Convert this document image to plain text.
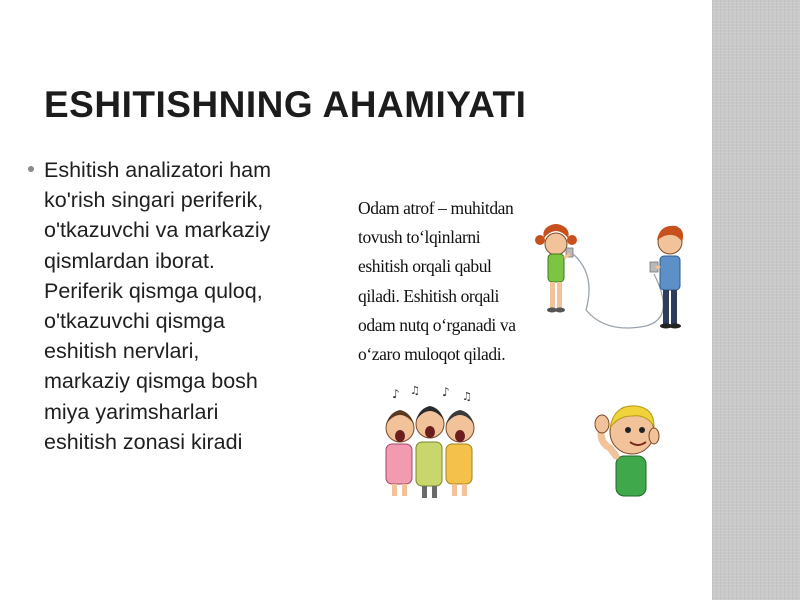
ESHITISHNING AHAMIYATI
Eshitish analizatori ham
ko'rish singari periferik,
o'tkazuvchi va markaziy
qismlardan iborat.
Periferik qismga quloq,
o'tkazuvchi qismga
eshitish nervlari,
markaziy qismga bosh
miya yarimsharlari
eshitish zonasi kiradi
Odam atrof – muhitdan
tovush to‘lqinlarni
eshitish orqali qabul
qiladi. Eshitish orqali
odam nutq o‘rganadi va
o‘zaro muloqot qiladi.
♪ ♫ ♪ ♫
